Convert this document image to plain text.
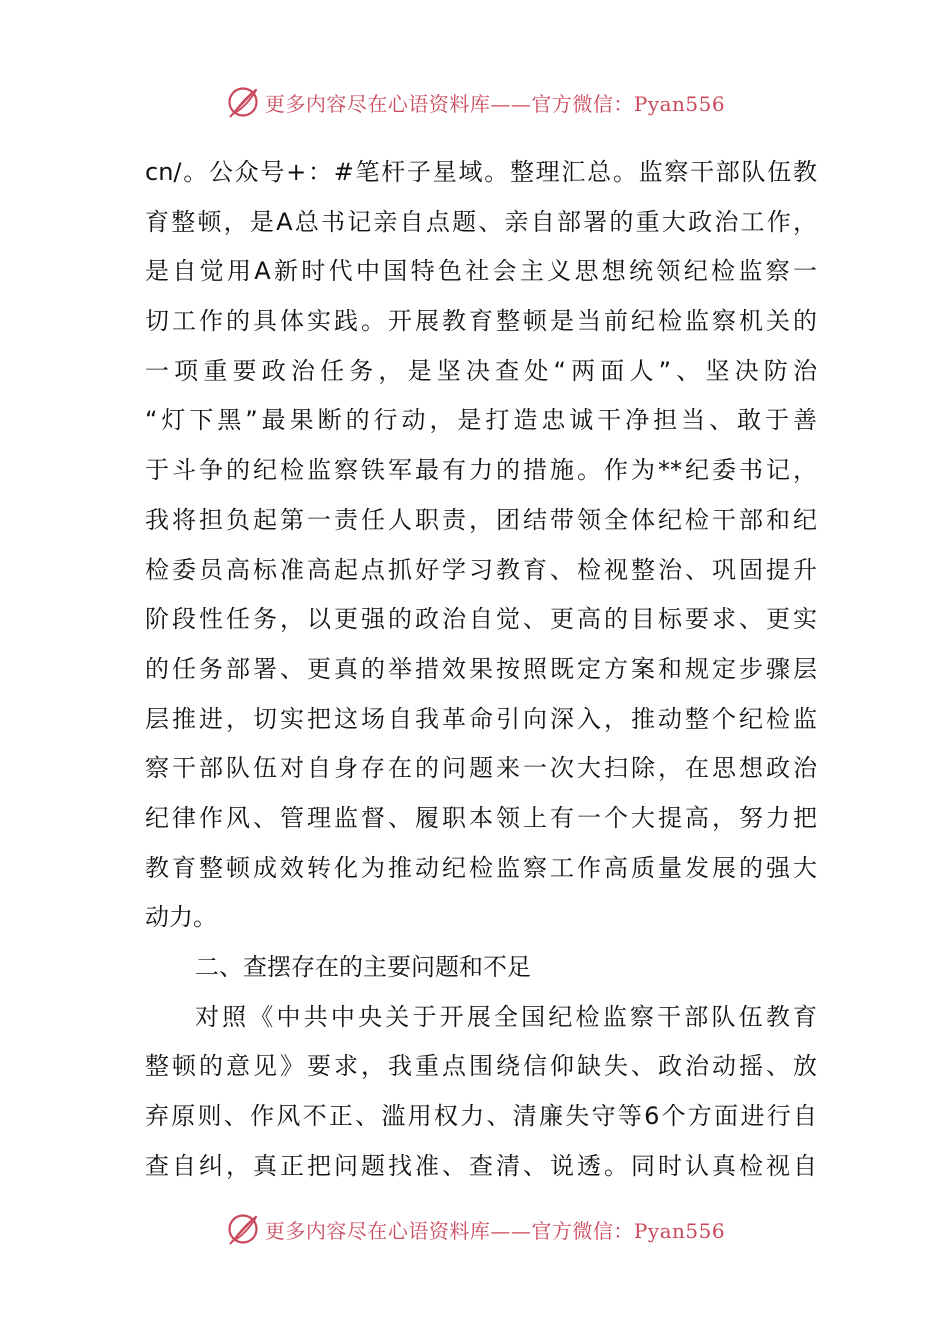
更多内容尽在心语资料库——官方微信：Pyan556
cn/。公众号+：#笔杆子星域。整理汇总。监察干部队伍教
育整顿，是A总书记亲自点题、亲自部署的重大政治工作，
是自觉用A新时代中国特色社会主义思想统领纪检监察一
切工作的具体实践。开展教育整顿是当前纪检监察机关的
一项重要政治任务，是坚决查处“两面人”、坚决防治
“灯下黑”最果断的行动，是打造忠诚干净担当、敢于善
于斗争的纪检监察铁军最有力的措施。作为**纪委书记，
我将担负起第一责任人职责，团结带领全体纪检干部和纪
检委员高标准高起点抓好学习教育、检视整治、巩固提升
阶段性任务，以更强的政治自觉、更高的目标要求、更实
的任务部署、更真的举措效果按照既定方案和规定步骤层
层推进，切实把这场自我革命引向深入，推动整个纪检监
察干部队伍对自身存在的问题来一次大扫除，在思想政治
纪律作风、管理监督、履职本领上有一个大提高，努力把
教育整顿成效转化为推动纪检监察工作高质量发展的强大
动力。
二、查摆存在的主要问题和不足
对照《中共中央关于开展全国纪检监察干部队伍教育
整顿的意见》要求，我重点围绕信仰缺失、政治动摇、放
弃原则、作风不正、滥用权力、清廉失守等6个方面进行自
查自纠，真正把问题找准、查清、说透。同时认真检视自
更多内容尽在心语资料库——官方微信：Pyan556
